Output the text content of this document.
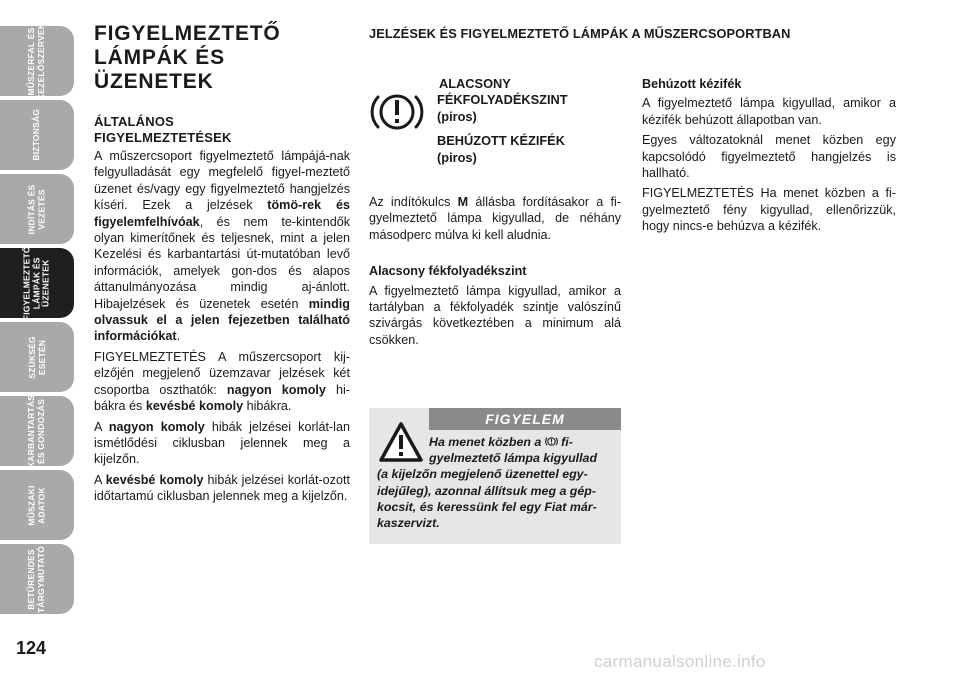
MŰSZERFAL ÉS
KEZELŐSZERVEK
BIZTONSÁG
INDÍTÁS ÉS
VEZETÉS
FIGYELMEZTETŐ
LÁMPÁK ÉS
ÜZENETEK
SZÜKSÉG
ESETÉN
KARBANTARTÁS
ÉS GONDOZÁS
MŰSZAKI
ADATOK
BETŰRENDES
TÁRGYMUTATÓ
124
FIGYELMEZTETŐ
LÁMPÁK ÉS ÜZENETEK
ÁLTALÁNOS
FIGYELMEZTETÉSEK

A műszercsoport figyelmeztető lámpájá-nak felgyulladását egy megfelelő figyel-meztető üzenet és/vagy egy figyelmeztető hangjelzés kíséri. Ezek a jelzések tömö-rek és figyelemfelhívóak, és nem te-kintendők olyan kimerítőnek és teljesnek, mint a jelen Kezelési és karbantartási út-mutatóban levő információk, amelyek gon-dos és alapos áttanulmányozása mindig aj-ánlott. Hibajelzések és üzenetek esetén mindig olvassuk el a jelen fejezetben található információkat.

FIGYELMEZTETÉS A műszercsoport kij-elzőjén megjelenő üzemzavar jelzések két csoportba oszthatók: nagyon komoly hi-bákra és kevésbé komoly hibákra.

A nagyon komoly hibák jelzései korlát-lan ismétlődési ciklusban jelennek meg a kijelzőn.

A kevésbé komoly hibák jelzései korlát-ozott időtartamú ciklusban jelennek meg a kijelzőn.

JELZÉSEK ÉS FIGYELMEZTETŐ LÁMPÁK A MŰSZERCSOPORTBAN
ALACSONY
FÉKFOLYADÉKSZINT
(piros)
BEHÚZOTT KÉZIFÉK
(piros)

Az indítókulcs M állásba fordításakor a fi-gyelmeztető lámpa kigyullad, de néhány másodperc múlva ki kell aludnia.

Alacsony fékfolyadékszint

A figyelmeztető lámpa kigyullad, amikor a tartályban a fékfolyadék szintje valószínű szivárgás következtében a minimum alá csökken.

FIGYELEM
Ha menet közben a  fi-
gyelmeztető lámpa kigyullad
(a kijelzőn megjelenő üzenettel egy-
idejűleg), azonnal állítsuk meg a gép-
kocsit, és keressünk fel egy Fiat már-
kaszervizt.
Behúzott kézifék

A figyelmeztető lámpa kigyullad, amikor a kézifék behúzott állapotban van.

Egyes változatoknál menet közben egy kapcsolódó figyelmeztető hangjelzés is hallható.

FIGYELMEZTETÉS Ha menet közben a fi-gyelmeztető fény kigyullad, ellenőrizzük, hogy nincs-e behúzva a kézifék.

carmanualsonline.info
